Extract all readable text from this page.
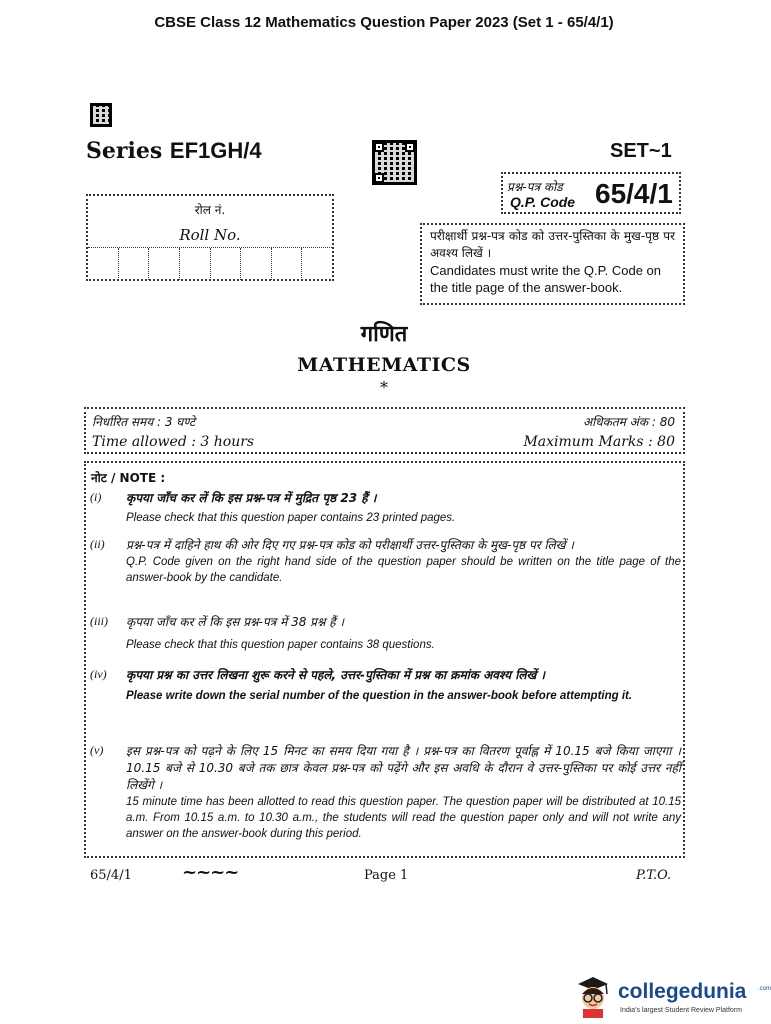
CBSE Class 12 Mathematics Question Paper 2023 (Set 1 - 65/4/1)
Series EF1GH/4	SET~1
प्रश्न-पत्र कोड
Q.P. Code 65/4/1
रोल नं.
Roll No.	परीक्षार्थी प्रश्न-पत्र कोड को उत्तर-पुस्तिका के मुख-पृष्ठ पर अवश्य लिखें ।
Candidates must write the Q.P. Code on the title page of the answer-book.
गणित
MATHEMATICS
*
निर्धारित समय : 3 घण्टे
Time allowed : 3 hours
अधिकतम अंक : 80
Maximum Marks : 80
नोट / NOTE :
(i) कृपया जाँच कर लें कि इस प्रश्न-पत्र में मुद्रित पृष्ठ 23 हैं ।
Please check that this question paper contains 23 printed pages.
(ii) प्रश्न-पत्र में दाहिने हाथ की ओर दिए गए प्रश्न-पत्र कोड को परीक्षार्थी उत्तर-पुस्तिका के मुख-पृष्ठ पर लिखें ।
Q.P. Code given on the right hand side of the question paper should be written on the title page of the answer-book by the candidate.
(iii) कृपया जाँच कर लें कि इस प्रश्न-पत्र में 38 प्रश्न हैं ।
Please check that this question paper contains 38 questions.
(iv) कृपया प्रश्न का उत्तर लिखना शुरू करने से पहले, उत्तर-पुस्तिका में प्रश्न का क्रमांक अवश्य लिखें ।
Please write down the serial number of the question in the answer-book before attempting it.
(v) इस प्रश्न-पत्र को पढ़ने के लिए 15 मिनट का समय दिया गया है । प्रश्न-पत्र का वितरण पूर्वाह्न में 10.15 बजे किया जाएगा । 10.15 बजे से 10.30 बजे तक छात्र केवल प्रश्न-पत्र को पढ़ेंगे और इस अवधि के दौरान वे उत्तर-पुस्तिका पर कोई उत्तर नहीं लिखेंगे ।
15 minute time has been allotted to read this question paper. The question paper will be distributed at 10.15 a.m. From 10.15 a.m. to 10.30 a.m., the students will read the question paper only and will not write any answer on the answer-book during this period.
65/4/1	~~~~	Page 1	P.T.O.
collegedunia .com
India's largest Student Review Platform
